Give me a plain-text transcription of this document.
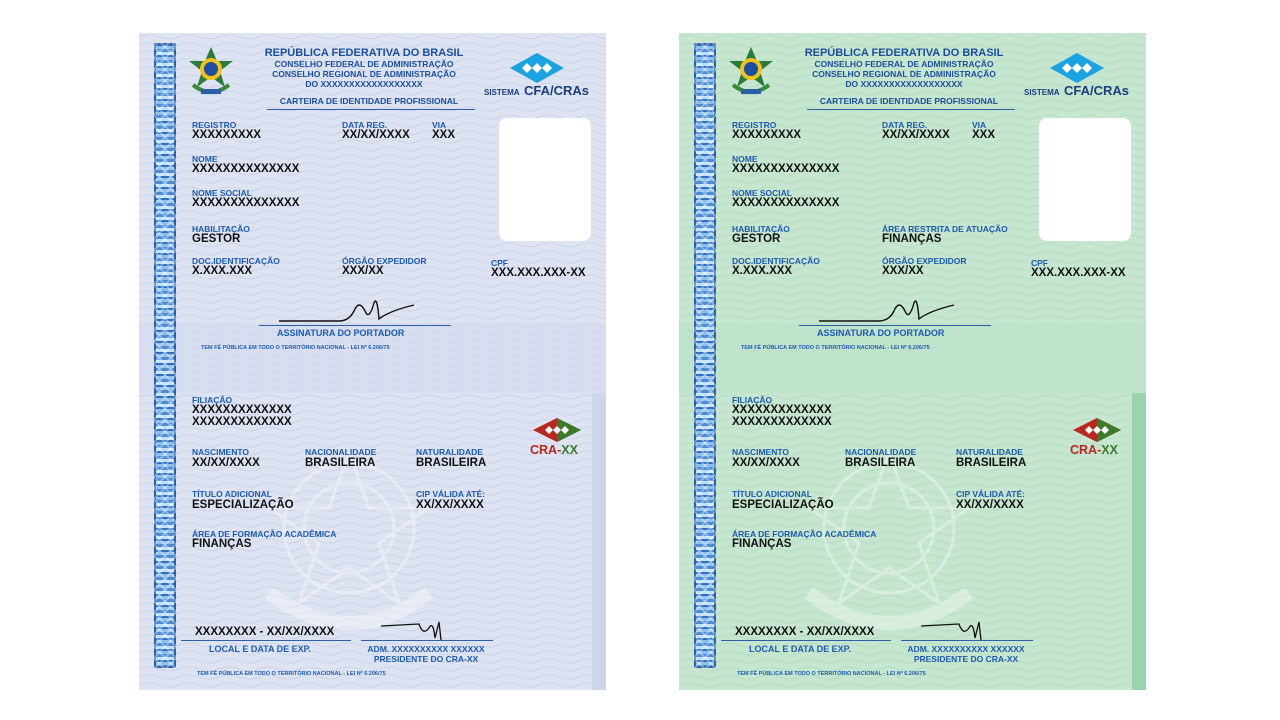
REPÚBLICA FEDERATIVA DO BRASIL
CONSELHO FEDERAL DE ADMINISTRAÇÃO
CONSELHO REGIONAL DE ADMINISTRAÇÃO
DO XXXXXXXXXXXXXXXXXX
CARTEIRA DE IDENTIDADE PROFISSIONAL
SISTEMA CFA/CRAs
REGISTRO
XXXXXXXXX
DATA REG.
XX/XX/XXXX
VIA
XXX
NOME
XXXXXXXXXXXXXX
NOME SOCIAL
XXXXXXXXXXXXXX
HABILITAÇÃO
GESTOR
DOC.IDENTIFICAÇÃO
X.XXX.XXX
ÓRGÃO EXPEDIDOR
XXX/XX
CPF
XXX.XXX.XXX-XX
ASSINATURA DO PORTADOR
TEM FÉ PÚBLICA EM TODO O TERRITÓRIO NACIONAL - LEI Nº 6.206/75
FILIAÇÃO
XXXXXXXXXXXXX
XXXXXXXXXXXXX
CRA-XX
NASCIMENTO
XX/XX/XXXX
NACIONALIDADE
BRASILEIRA
NATURALIDADE
BRASILEIRA
TÍTULO ADICIONAL
ESPECIALIZAÇÃO
CIP VÁLIDA ATÉ:
XX/XX/XXXX
ÁREA DE FORMAÇÃO ACADÊMICA
FINANÇAS
XXXXXXXX - XX/XX/XXXX
LOCAL E DATA DE EXP.	ADM. XXXXXXXXXX XXXXXX
PRESIDENTE DO CRA-XX
TEM FÉ PÚBLICA EM TODO O TERRITÓRIO NACIONAL - LEI Nº 6.206/75
REPÚBLICA FEDERATIVA DO BRASIL
CONSELHO FEDERAL DE ADMINISTRAÇÃO
CONSELHO REGIONAL DE ADMINISTRAÇÃO
DO XXXXXXXXXXXXXXXXXX
CARTEIRA DE IDENTIDADE PROFISSIONAL
SISTEMA CFA/CRAs
REGISTRO
XXXXXXXXX
DATA REG.
XX/XX/XXXX
VIA
XXX
NOME
XXXXXXXXXXXXXX
NOME SOCIAL
XXXXXXXXXXXXXX
HABILITAÇÃO
GESTOR
ÁREA RESTRITA DE ATUAÇÃO
FINANÇAS
DOC.IDENTIFICAÇÃO
X.XXX.XXX
ÓRGÃO EXPEDIDOR
XXX/XX
CPF
XXX.XXX.XXX-XX
ASSINATURA DO PORTADOR
TEM FÉ PÚBLICA EM TODO O TERRITÓRIO NACIONAL - LEI Nº 6.206/75
FILIAÇÃO
XXXXXXXXXXXXX
XXXXXXXXXXXXX
CRA-XX
NASCIMENTO
XX/XX/XXXX
NACIONALIDADE
BRASILEIRA
NATURALIDADE
BRASILEIRA
TÍTULO ADICIONAL
ESPECIALIZAÇÃO
CIP VÁLIDA ATÉ:
XX/XX/XXXX
ÁREA DE FORMAÇÃO ACADÊMICA
FINANÇAS
XXXXXXXX - XX/XX/XXXX
LOCAL E DATA DE EXP.	ADM. XXXXXXXXXX XXXXXX
PRESIDENTE DO CRA-XX
TEM FÉ PÚBLICA EM TODO O TERRITÓRIO NACIONAL - LEI Nº 6.206/75
